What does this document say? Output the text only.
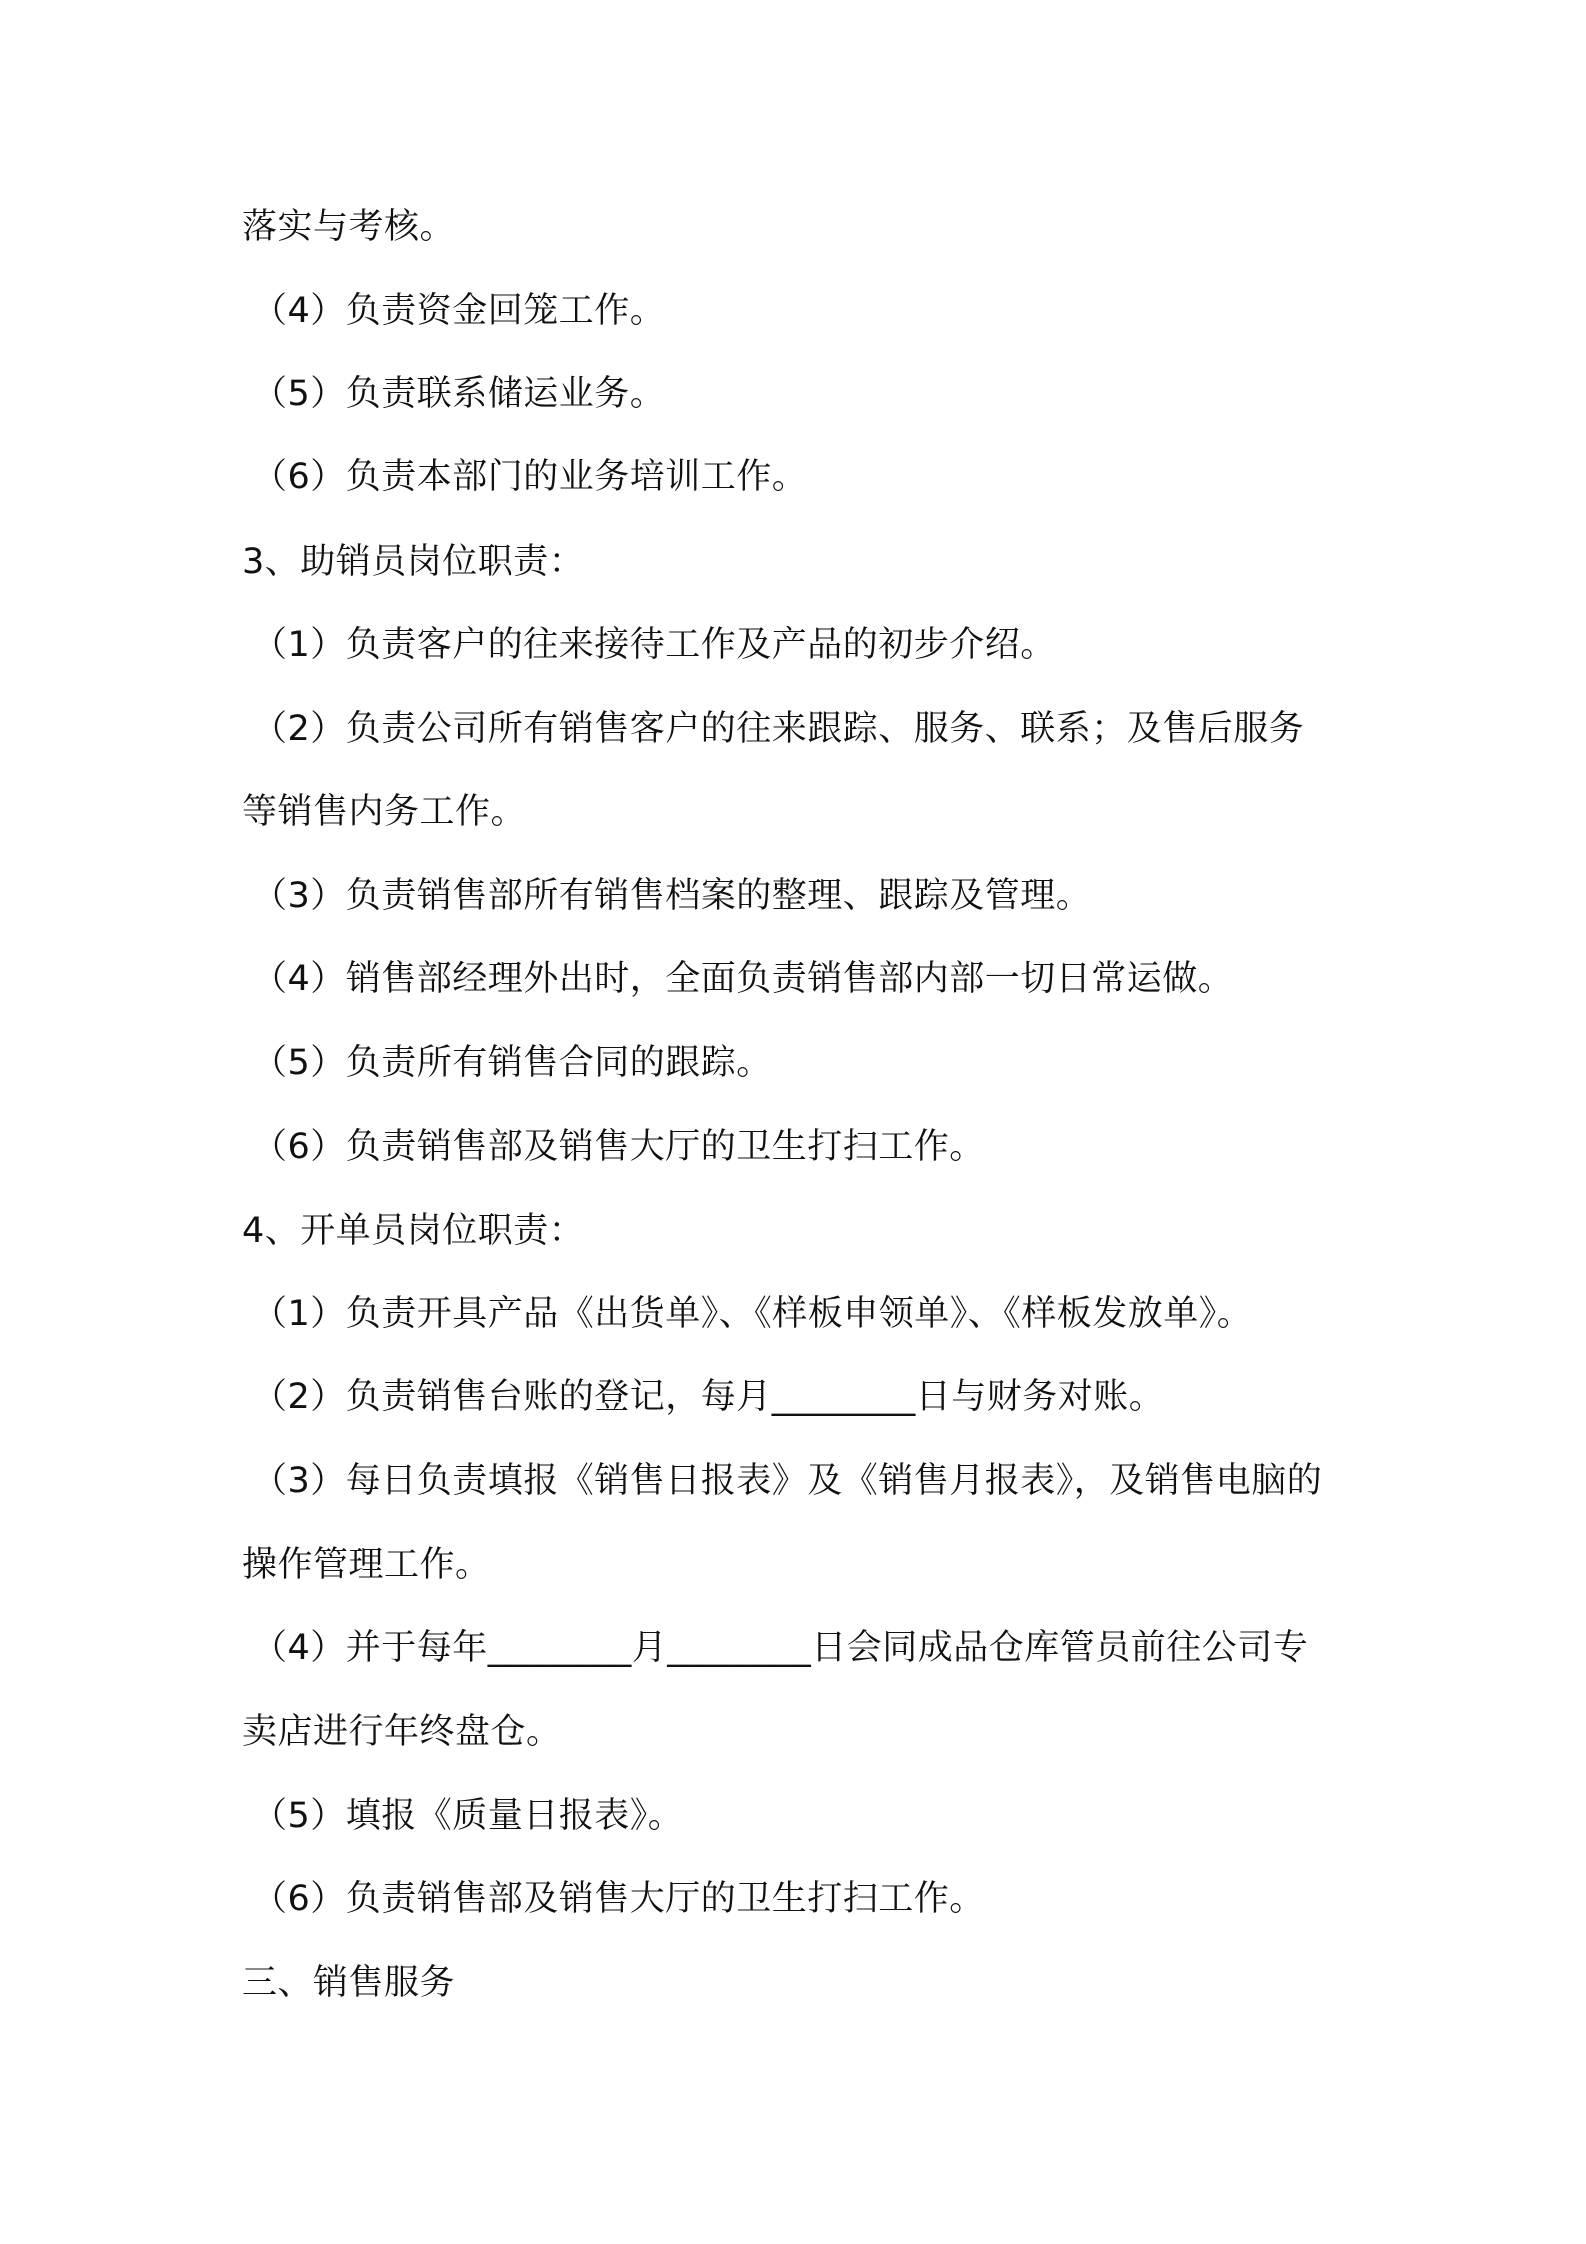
落实与考核。
（4）负责资金回笼工作。
（5）负责联系储运业务。
（6）负责本部门的业务培训工作。
3、助销员岗位职责：
（1）负责客户的往来接待工作及产品的初步介绍。
（2）负责公司所有销售客户的往来跟踪、服务、联系；及售后服务
等销售内务工作。
（3）负责销售部所有销售档案的整理、跟踪及管理。
（4）销售部经理外出时，全面负责销售部内部一切日常运做。
（5）负责所有销售合同的跟踪。
（6）负责销售部及销售大厅的卫生打扫工作。
4、开单员岗位职责：
（1）负责开具产品《出货单》、《样板申领单》、《样板发放单》。
（2）负责销售台账的登记，每月________日与财务对账。
（3）每日负责填报《销售日报表》及《销售月报表》，及销售电脑的
操作管理工作。
（4）并于每年________月________日会同成品仓库管员前往公司专
卖店进行年终盘仓。
（5）填报《质量日报表》。
（6）负责销售部及销售大厅的卫生打扫工作。
三、销售服务
